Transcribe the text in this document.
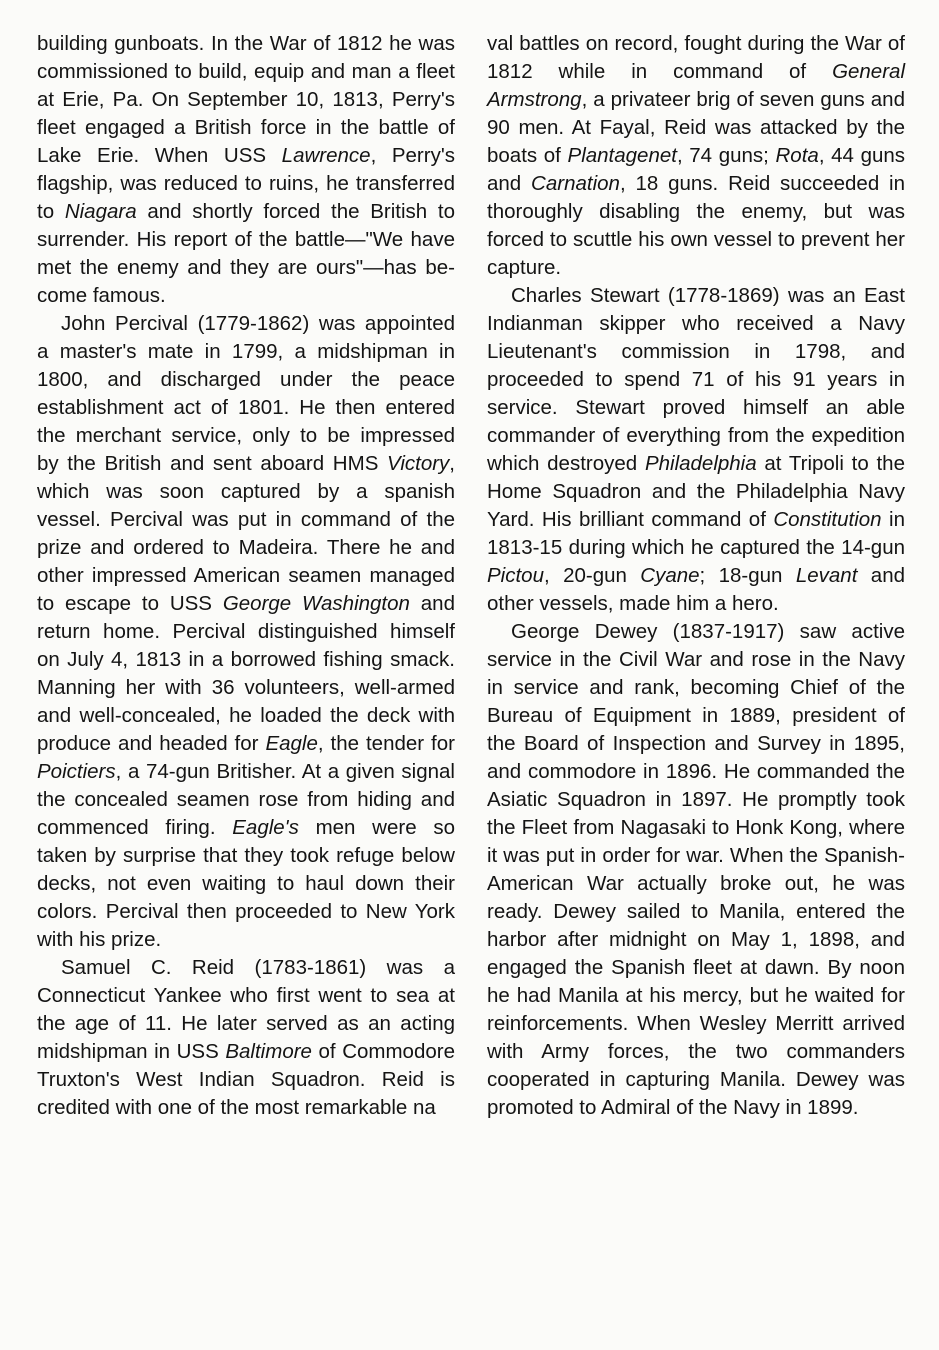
building gunboats. In the War of 1812 he was commissioned to build, equip and man a fleet at Erie, Pa. On September 10, 1813, Perry's fleet engaged a British force in the battle of Lake Erie. When USS Lawrence, Perry's flagship, was reduced to ruins, he transferred to Niagara and shortly forced the British to surrender. His report of the battle—"We have met the enemy and they are ours"—has become famous.

John Percival (1779-1862) was appointed a master's mate in 1799, a midshipman in 1800, and discharged under the peace establishment act of 1801. He then entered the merchant service, only to be impressed by the British and sent aboard HMS Victory, which was soon captured by a spanish vessel. Percival was put in command of the prize and ordered to Madeira. There he and other impressed American seamen managed to escape to USS George Washington and return home. Percival distinguished himself on July 4, 1813 in a borrowed fishing smack. Manning her with 36 volunteers, well-armed and well-concealed, he loaded the deck with produce and headed for Eagle, the tender for Poictiers, a 74-gun Britisher. At a given signal the concealed seamen rose from hiding and commenced firing. Eagle's men were so taken by surprise that they took refuge below decks, not even waiting to haul down their colors. Percival then proceeded to New York with his prize.

Samuel C. Reid (1783-1861) was a Connecticut Yankee who first went to sea at the age of 11. He later served as an acting midshipman in USS Baltimore of Commodore Truxton's West Indian Squadron. Reid is credited with one of the most remarkable na

val battles on record, fought during the War of 1812 while in command of General Armstrong, a privateer brig of seven guns and 90 men. At Fayal, Reid was attacked by the boats of Plantagenet, 74 guns; Rota, 44 guns and Carnation, 18 guns. Reid succeeded in thoroughly disabling the enemy, but was forced to scuttle his own vessel to prevent her capture.

Charles Stewart (1778-1869) was an East Indianman skipper who received a Navy Lieutenant's commission in 1798, and proceeded to spend 71 of his 91 years in service. Stewart proved himself an able commander of everything from the expedition which destroyed Philadelphia at Tripoli to the Home Squadron and the Philadelphia Navy Yard. His brilliant command of Constitution in 1813-15 during which he captured the 14-gun Pictou, 20-gun Cyane; 18-gun Levant and other vessels, made him a hero.

George Dewey (1837-1917) saw active service in the Civil War and rose in the Navy in service and rank, becoming Chief of the Bureau of Equipment in 1889, president of the Board of Inspection and Survey in 1895, and commodore in 1896. He commanded the Asiatic Squadron in 1897. He promptly took the Fleet from Nagasaki to Honk Kong, where it was put in order for war. When the Spanish-American War actually broke out, he was ready. Dewey sailed to Manila, entered the harbor after midnight on May 1, 1898, and engaged the Spanish fleet at dawn. By noon he had Manila at his mercy, but he waited for reinforcements. When Wesley Merritt arrived with Army forces, the two commanders cooperated in capturing Manila. Dewey was promoted to Admiral of the Navy in 1899.
